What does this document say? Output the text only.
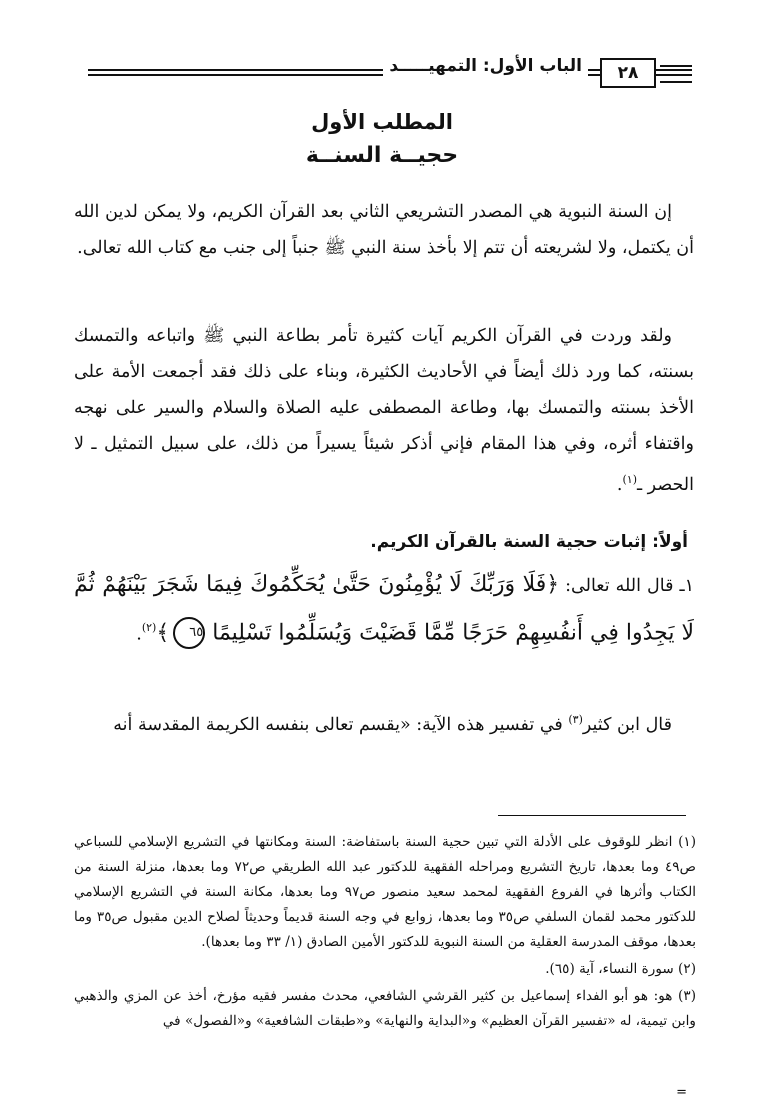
٢٨
الباب الأول: التمهيـــــد
المطلب الأول
حجيــة السنــة
إن السنة النبوية هي المصدر التشريعي الثاني بعد القرآن الكريم، ولا يمكن لدين الله أن يكتمل، ولا لشريعته أن تتم إلا بأخذ سنة النبي ﷺ جنباً إلى جنب مع كتاب الله تعالى.
ولقد وردت في القرآن الكريم آيات كثيرة تأمر بطاعة النبي ﷺ واتباعه والتمسك بسنته، كما ورد ذلك أيضاً في الأحاديث الكثيرة، وبناء على ذلك فقد أجمعت الأمة على الأخذ بسنته والتمسك بها، وطاعة المصطفى عليه الصلاة والسلام والسير على نهجه واقتفاء أثره، وفي هذا المقام فإني أذكر شيئاً يسيراً من ذلك، على سبيل التمثيل ـ لا الحصر ـ$^{(١)}$.
أولاً: إثبات حجية السنة بالقرآن الكريم.
١ـ قال الله تعالى: ﴿فَلَا وَرَبِّكَ لَا يُؤْمِنُونَ حَتَّىٰ يُحَكِّمُوكَ فِيمَا شَجَرَ بَيْنَهُمْ ثُمَّ لَا يَجِدُوا فِي أَنفُسِهِمْ حَرَجًا مِّمَّا قَضَيْتَ وَيُسَلِّمُوا تَسْلِيمًا ٦٥﴾$^{(٢)}$.
قال ابن كثير$^{(٣)}$ في تفسير هذه الآية: «يقسم تعالى بنفسه الكريمة المقدسة أنه

(١) انظر للوقوف على الأدلة التي تبين حجية السنة باستفاضة: السنة ومكانتها في التشريع الإسلامي للسباعي ص٤٩ وما بعدها، تاريخ التشريع ومراحله الفقهية للدكتور عبد الله الطريقي ص٧٢ وما بعدها، منزلة السنة من الكتاب وأثرها في الفروع الفقهية لمحمد سعيد منصور ص٩٧ وما بعدها، مكانة السنة في التشريع الإسلامي للدكتور محمد لقمان السلفي ص٣٥ وما بعدها، زوابع في وجه السنة قديماً وحديثاً لصلاح الدين مقبول ص٣٥ وما بعدها، موقف المدرسة العقلية من السنة النبوية للدكتور الأمين الصادق (١/ ٣٣ وما بعدها).

(٢) سورة النساء، آية (٦٥).

(٣) هو: هو أبو الفداء إسماعيل بن كثير القرشي الشافعي، محدث مفسر فقيه مؤرخ، أخذ عن المزي والذهبي وابن تيمية، له «تفسير القرآن العظيم» و«البداية والنهاية» و«طبقات الشافعية» و«الفصول» في

=
